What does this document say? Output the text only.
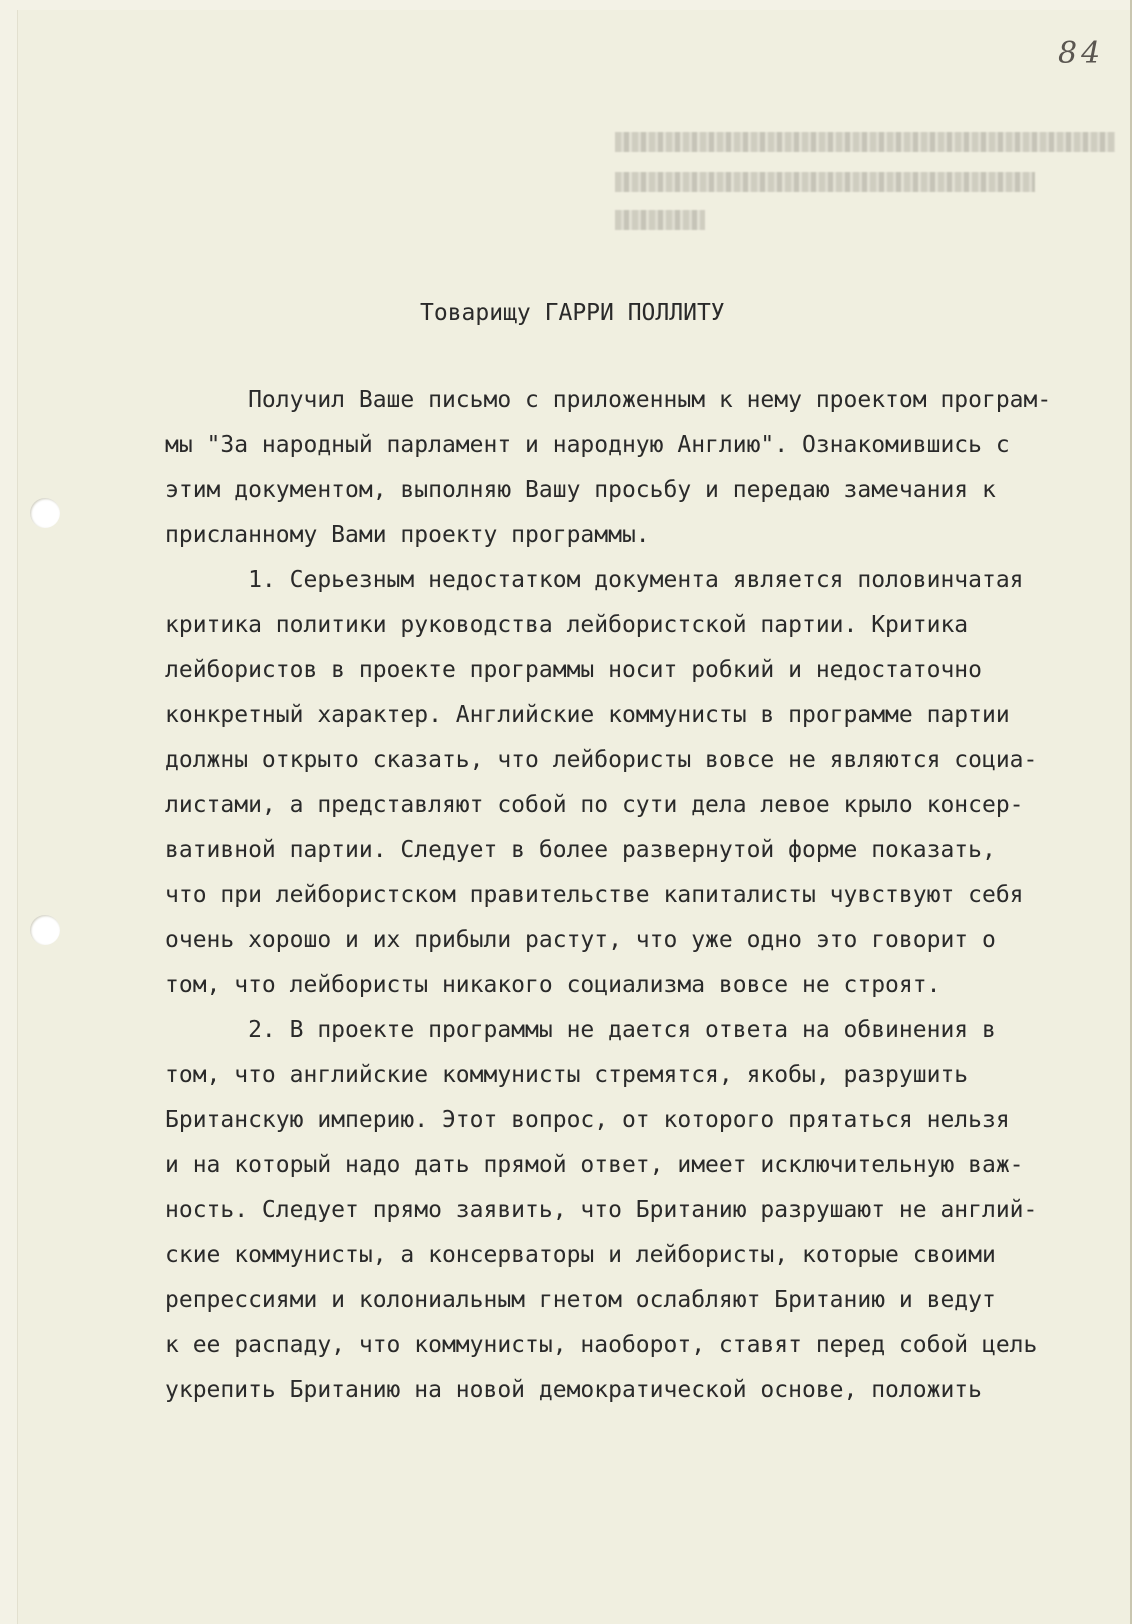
84
Товарищу ГАРРИ ПОЛЛИТУ

Получил Ваше письмо с приложенным к нему проектом програм-

мы "За народный парламент и народную Англию". Ознакомившись с

этим документом, выполняю Вашу просьбу и передаю замечания к

присланному Вами проекту программы.

1. Серьезным недостатком документа является половинчатая

критика политики руководства лейбористской партии. Критика

лейбористов в проекте программы носит робкий и недостаточно

конкретный характер. Английские коммунисты в программе партии

должны открыто сказать, что лейбористы вовсе не являются социа-

листами, а представляют собой по сути дела левое крыло консер-

вативной партии. Следует в более развернутой форме показать,

что при лейбористском правительстве капиталисты чувствуют себя

очень хорошо и их прибыли растут, что уже одно это говорит о

том, что лейбористы никакого социализма вовсе не строят.

2. В проекте программы не дается ответа на обвинения в

том, что английские коммунисты стремятся, якобы, разрушить

Британскую империю. Этот вопрос, от которого прятаться нельзя

и на который надо дать прямой ответ, имеет исключительную важ-

ность. Следует прямо заявить, что Британию разрушают не англий-

ские коммунисты, а консерваторы и лейбористы, которые своими

репрессиями и колониальным гнетом ослабляют Британию и ведут

к ее распаду, что коммунисты, наоборот, ставят перед собой цель

укрепить Британию на новой демократической основе, положить
